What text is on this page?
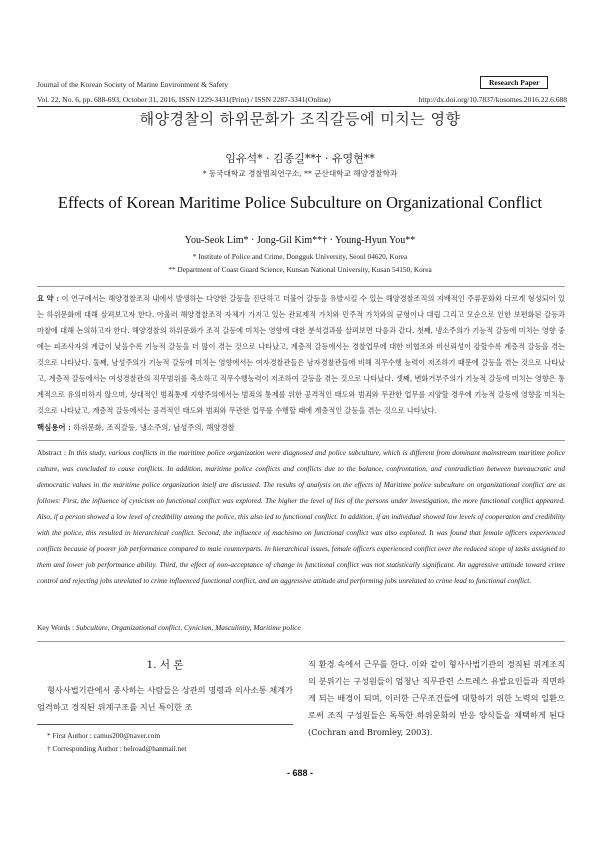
Journal of the Korean Society of Marine Environment & Safety	Research Paper
Vol. 22, No. 6, pp. 688-693, October 31, 2016, ISSN 1229-3431(Print) / ISSN 2287-3341(Online)	http://dx.doi.org/10.7837/kosomes.2016.22.6.688
해양경찰의 하위문화가 조직갈등에 미치는 영향
임유석* · 김종길**† · 유영현**
* 동국대학교 경찰범죄연구소, ** 군산대학교 해양경찰학과
Effects of Korean Maritime Police Subculture on Organizational Conflict
You-Seok Lim* · Jong-Gil Kim**† · Young-Hyun You**
* Institute of Police and Crime, Dongguk University, Seoul 04620, Korea
** Department of Coast Guard Science, Kunsan National University, Kusan 54150, Korea
요 약 : 이 연구에서는 해양경찰조직 내에서 발생하는 다양한 갈등을 진단하고 더불어 갈등을 유발시킬 수 있는 해양경찰조직의 지배적인 주류문화와 다르게 형성되어 있는 하위문화에 대해 살펴보고자 한다. 아울러 해양경찰조직 자체가 가지고 있는 관료제적 가치와 민주적 가치와의 균형이나 대립 그리고 모순으로 인한 보편화된 갈등과 마찰에 대해 논의하고자 한다. 해양경찰의 하위문화가 조직 갈등에 미치는 영향에 대한 분석결과를 살펴보면 다음과 같다. 첫째, 냉소주의가 기능적 갈등에 미치는 영향 중에는 피조사자의 계급이 낮을수록 기능적 갈등을 더 많이 겪는 것으로 나타났고, 계층적 갈등에서는 경찰업무에 대한 비협조와 비신뢰성이 강할수록 계층적 갈등을 겪는 것으로 나타났다. 둘째, 남성주의가 기능적 갈등에 미치는 영향에서는 여자경찰관들은 남자경찰관들에 비해 직무수행 능력이 저조하기 때문에 갈등을 겪는 것으로 나타났고, 계층적 갈등에서는 여성경찰관의 직무범위를 축소하고 직무수행능력이 저조하여 갈등을 겪는 것으로 나타났다. 셋째, 변화거부주의가 기능적 갈등에 미치는 영향은 통계적으로 유의미하지 않으며, 상대적인 범죄통제 지향주의에서는 범죄의 통제를 위한 공격적인 태도와 범죄와 무관한 업무를 지양할 경우에 기능적 갈등에 영향을 미치는 것으로 나타났고, 계층적 갈등에서는 공격적인 태도와 범죄와 무관한 업무를 수행할 때에 계층적인 갈등을 겪는 것으로 나타났다.
핵심용어 : 하위문화, 조직갈등, 냉소주의, 남성주의, 해양경찰
Abstract : In this study, various conflicts in the maritime police organization were diagnosed and police subculture, which is different from dominant mainstream maritime police culture, was concluded to cause conflicts. In addition, maritime police conflicts and conflicts due to the balance, confrontation, and contradiction between bureaucratic and democratic values in the maritime police organization itself are discussed. The results of analysis on the effects of Maritime police subculture on organizational conflict are as follows: First, the influence of cynicism on functional conflict was explored. The higher the level of lies of the persons under investigation, the more functional conflict appeared. Also, if a person showed a low level of credibility among the police, this also led to functional conflict. In addition, if an individual showed low levels of cooperation and credibility with the police, this resulted in hierarchical conflict. Second, the influence of machismo on functional conflict was also explored. It was found that female officers experienced conflicts because of poorer job performance compared to male counterparts. In hierarchical issues, female officers experienced conflict over the reduced scope of tasks assigned to them and lower job performance ability. Third, the effect of non-acceptance of change in functional conflict was not statistically significant. An aggressive attitude toward crime control and rejecting jobs unrelated to crime influenced functional conflict, and an aggressive attitude and performing jobs unrelated to crime lead to functional conflict.
Key Words : Subculture, Organizational conflict, Cynicism, Masculinity, Maritime police
1. 서 론
형사사법기관에서 종사하는 사람들은 상관의 명령과 의사소통 체계가 엄격하고 경직된 위계구조를 지닌 특이한 조
직 환경 속에서 근무를 한다. 이와 같이 형사사법기관의 경직된 위계조직의 분위기는 구성원들이 엄청난 직무관련 스트레스 유발요인들과 직면하게 되는 배경이 되며, 이러한 근무조건들에 대항하기 위한 노력의 일환으로써 조직 구성원들은 독특한 하위문화의 반응 양식들을 채택하게 된다 (Cochran and Bromley, 2003).
* First Author : camus200@naver.com
† Corresponding Author : belroad@hanmail.net
- 688 -
